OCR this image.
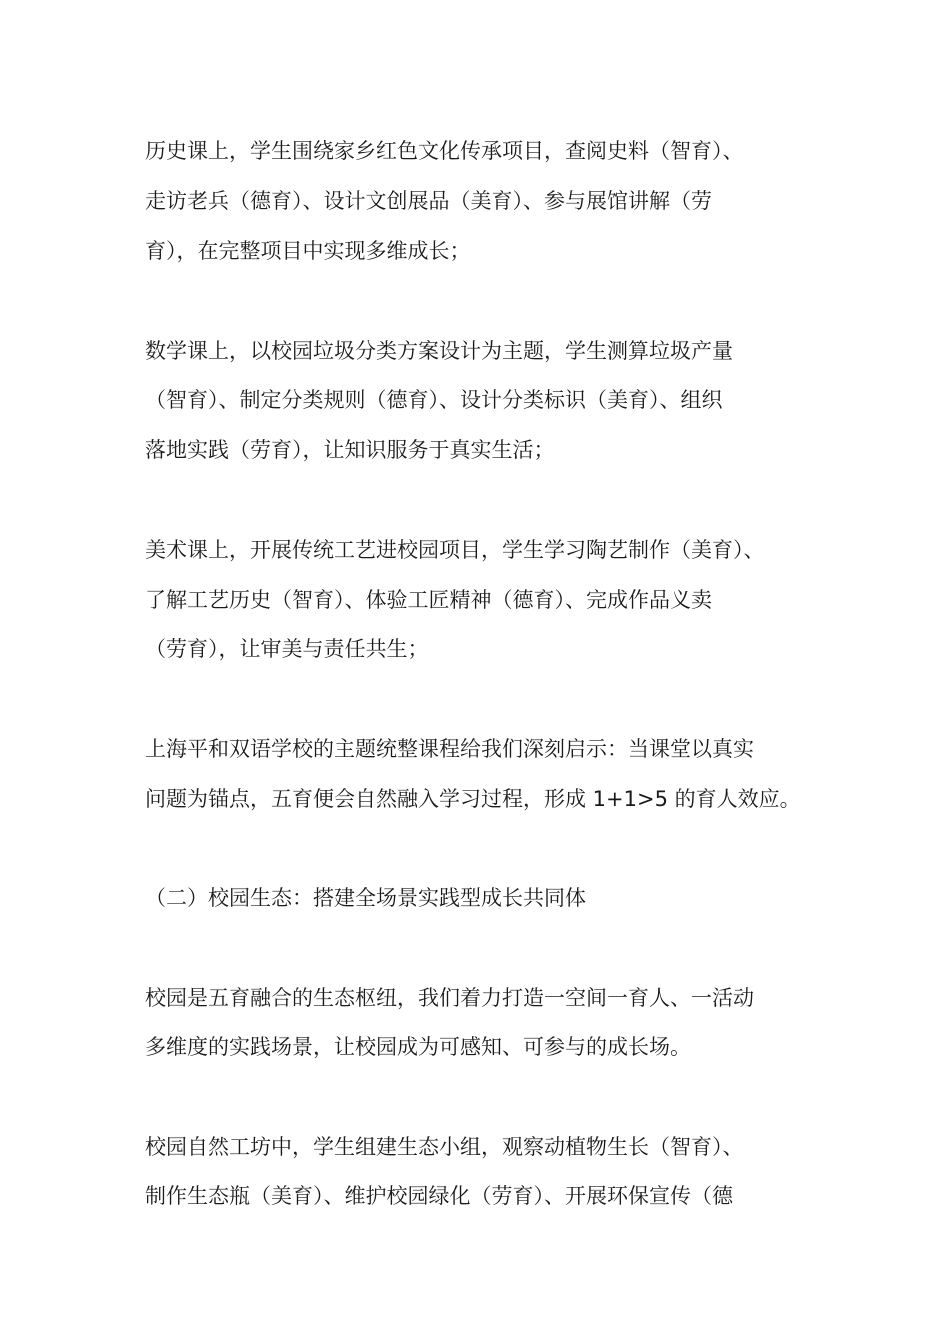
历史课上，学生围绕家乡红色文化传承项目，查阅史料（智育）、
走访老兵（德育）、设计文创展品（美育）、参与展馆讲解（劳
育），在完整项目中实现多维成长；
数学课上，以校园垃圾分类方案设计为主题，学生测算垃圾产量
（智育）、制定分类规则（德育）、设计分类标识（美育）、组织
落地实践（劳育），让知识服务于真实生活；
美术课上，开展传统工艺进校园项目，学生学习陶艺制作（美育）、
了解工艺历史（智育）、体验工匠精神（德育）、完成作品义卖
（劳育），让审美与责任共生；
上海平和双语学校的主题统整课程给我们深刻启示：当课堂以真实
问题为锚点，五育便会自然融入学习过程，形成 1+1>5 的育人效应。
（二）校园生态：搭建全场景实践型成长共同体
校园是五育融合的生态枢纽，我们着力打造一空间一育人、一活动
多维度的实践场景，让校园成为可感知、可参与的成长场。
校园自然工坊中，学生组建生态小组，观察动植物生长（智育）、
制作生态瓶（美育）、维护校园绿化（劳育）、开展环保宣传（德
